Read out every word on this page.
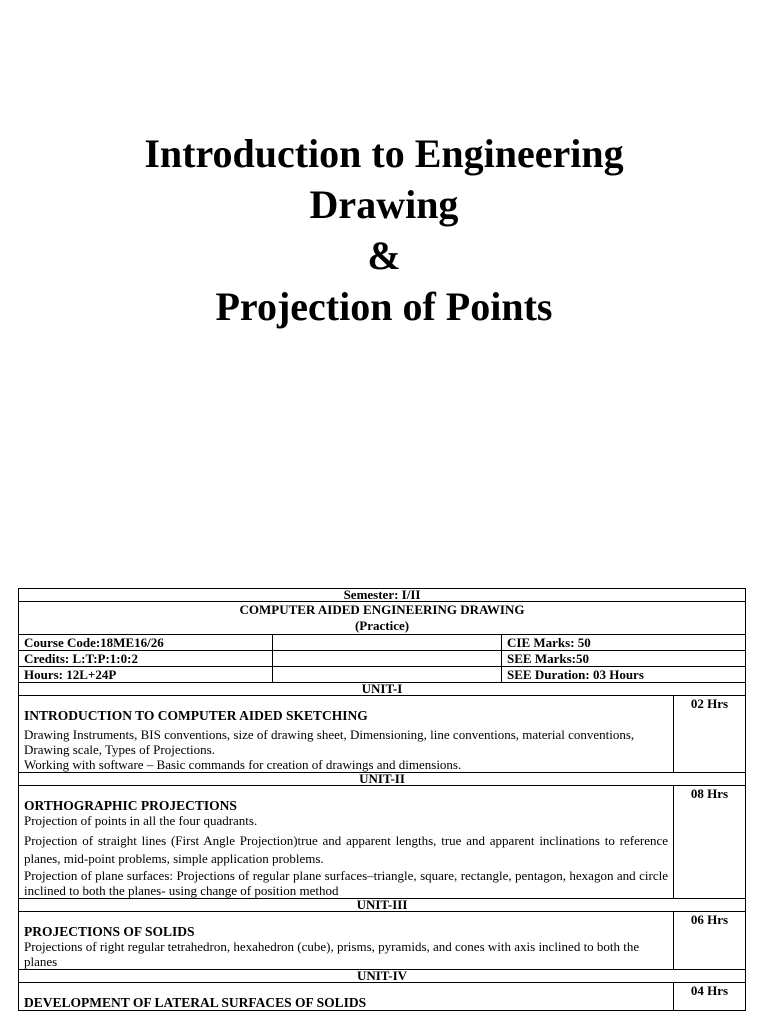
Introduction to Engineering
Drawing
&
Projection of Points
Semester: I/II			

COMPUTER AIDED ENGINEERING DRAWING
(Practice)			

Course Code:18ME16/26		CIE Marks: 50	
Credits: L:T:P:1:0:2		SEE Marks:50	
Hours: 12L+24P		SEE Duration: 03 Hours	
UNIT-I			

INTRODUCTION TO COMPUTER AIDED SKETCHING
Drawing Instruments, BIS conventions, size of drawing sheet, Dimensioning, line conventions, material conventions, Drawing scale, Types of Projections.
Working with software – Basic commands for creation of drawings and dimensions.			02 Hrs
UNIT-II			

ORTHOGRAPHIC PROJECTIONS
Projection of points in all the four quadrants.
Projection of straight lines (First Angle Projection)true and apparent lengths, true and apparent inclinations to reference planes, mid-point problems, simple application problems.
Projection of plane surfaces: Projections of regular plane surfaces–triangle, square, rectangle, pentagon, hexagon and circle inclined to both the planes- using change of position method			08 Hrs
UNIT-III			

PROJECTIONS OF SOLIDS
Projections of right regular tetrahedron, hexahedron (cube), prisms, pyramids, and cones with axis inclined to both the planes			06 Hrs
UNIT-IV			

DEVELOPMENT OF LATERAL SURFACES OF SOLIDS			04 Hrs
